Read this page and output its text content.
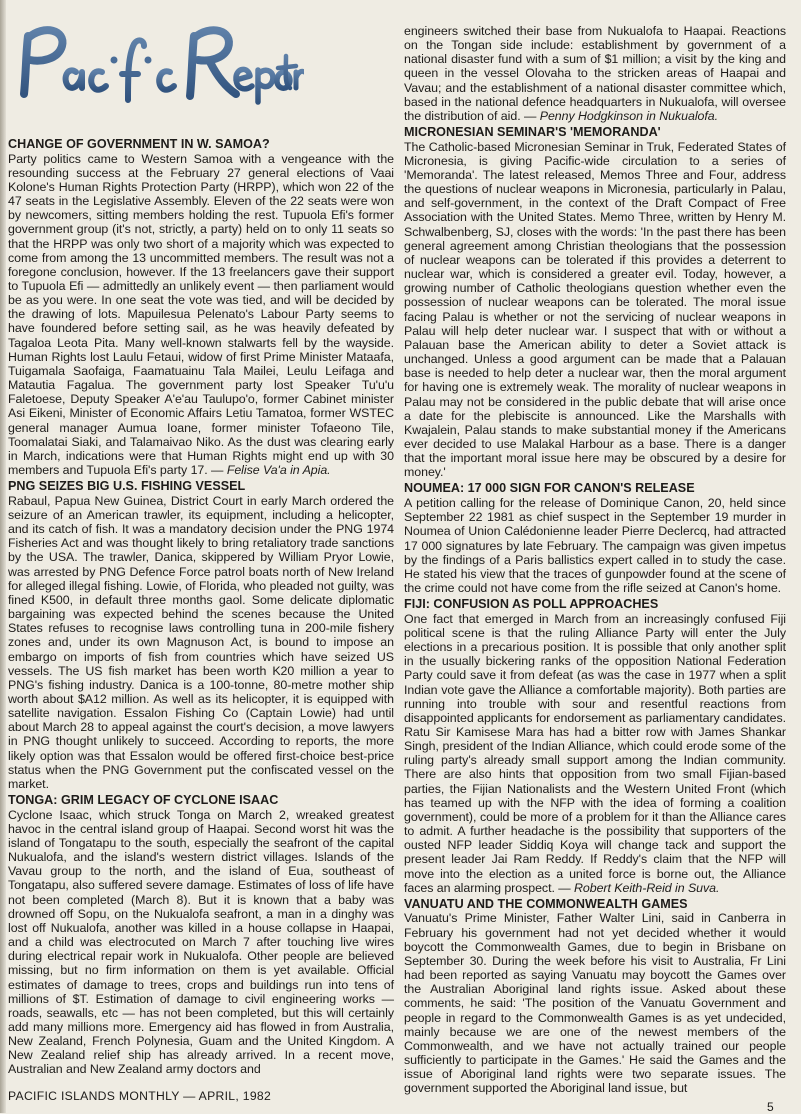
Pacific Report

CHANGE OF GOVERNMENT IN W. SAMOA?

Party politics came to Western Samoa with a vengeance with the resounding success at the February 27 general elections of Vaai Kolone's Human Rights Protection Party (HRPP), which won 22 of the 47 seats in the Legislative Assembly. Eleven of the 22 seats were won by newcomers, sitting members holding the rest. Tupuola Efi's former government group (it's not, strictly, a party) held on to only 11 seats so that the HRPP was only two short of a majority which was expected to come from among the 13 uncommitted members. The result was not a foregone conclusion, however. If the 13 freelancers gave their support to Tupuola Efi — admittedly an unlikely event — then parliament would be as you were. In one seat the vote was tied, and will be decided by the drawing of lots. Mapuilesua Pelenato's Labour Party seems to have foundered before setting sail, as he was heavily defeated by Tagaloa Leota Pita. Many well-known stalwarts fell by the wayside. Human Rights lost Laulu Fetaui, widow of first Prime Minister Mataafa, Tuigamala Saofaiga, Faamatuainu Tala Mailei, Leulu Leifaga and Matautia Fagalua. The government party lost Speaker Tu'u'u Faletoese, Deputy Speaker A'e'au Taulupo'o, former Cabinet minister Asi Eikeni, Minister of Economic Affairs Letiu Tamatoa, former WSTEC general manager Aumua Ioane, former minister Tofaeono Tile, Toomalatai Siaki, and Talamaivao Niko. As the dust was clearing early in March, indications were that Human Rights might end up with 30 members and Tupuola Efi's party 17. — Felise Va'a in Apia.

PNG SEIZES BIG U.S. FISHING VESSEL

Rabaul, Papua New Guinea, District Court in early March ordered the seizure of an American trawler, its equipment, including a helicopter, and its catch of fish. It was a mandatory decision under the PNG 1974 Fisheries Act and was thought likely to bring retaliatory trade sanctions by the USA. The trawler, Danica, skippered by William Pryor Lowie, was arrested by PNG Defence Force patrol boats north of New Ireland for alleged illegal fishing. Lowie, of Florida, who pleaded not guilty, was fined K500, in default three months gaol. Some delicate diplomatic bargaining was expected behind the scenes because the United States refuses to recognise laws controlling tuna in 200-mile fishery zones and, under its own Magnuson Act, is bound to impose an embargo on imports of fish from countries which have seized US vessels. The US fish market has been worth K20 million a year to PNG's fishing industry. Danica is a 100-tonne, 80-metre mother ship worth about $A12 million. As well as its helicopter, it is equipped with satellite navigation. Essalon Fishing Co (Captain Lowie) had until about March 28 to appeal against the court's decision, a move lawyers in PNG thought unlikely to succeed. According to reports, the more likely option was that Essalon would be offered first-choice best-price status when the PNG Government put the confiscated vessel on the market.

TONGA: GRIM LEGACY OF CYCLONE ISAAC

Cyclone Isaac, which struck Tonga on March 2, wreaked greatest havoc in the central island group of Haapai. Second worst hit was the island of Tongatapu to the south, especially the seafront of the capital Nukualofa, and the island's western district villages. Islands of the Vavau group to the north, and the island of Eua, southeast of Tongatapu, also suffered severe damage. Estimates of loss of life have not been completed (March 8). But it is known that a baby was drowned off Sopu, on the Nukualofa seafront, a man in a dinghy was lost off Nukualofa, another was killed in a house collapse in Haapai, and a child was electrocuted on March 7 after touching live wires during electrical repair work in Nukualofa. Other people are believed missing, but no firm information on them is yet available. Official estimates of damage to trees, crops and buildings run into tens of millions of $T. Estimation of damage to civil engineering works — roads, seawalls, etc — has not been completed, but this will certainly add many millions more. Emergency aid has flowed in from Australia, New Zealand, French Polynesia, Guam and the United Kingdom. A New Zealand relief ship has already arrived. In a recent move, Australian and New Zealand army doctors and

engineers switched their base from Nukualofa to Haapai. Reactions on the Tongan side include: establishment by government of a national disaster fund with a sum of $1 million; a visit by the king and queen in the vessel Olovaha to the stricken areas of Haapai and Vavau; and the establishment of a national disaster committee which, based in the national defence headquarters in Nukualofa, will oversee the distribution of aid. — Penny Hodgkinson in Nukualofa.

MICRONESIAN SEMINAR'S 'MEMORANDA'

The Catholic-based Micronesian Seminar in Truk, Federated States of Micronesia, is giving Pacific-wide circulation to a series of 'Memoranda'. The latest released, Memos Three and Four, address the questions of nuclear weapons in Micronesia, particularly in Palau, and self-government, in the context of the Draft Compact of Free Association with the United States. Memo Three, written by Henry M. Schwalbenberg, SJ, closes with the words: 'In the past there has been general agreement among Christian theologians that the possession of nuclear weapons can be tolerated if this provides a deterrent to nuclear war, which is considered a greater evil. Today, however, a growing number of Catholic theologians question whether even the possession of nuclear weapons can be tolerated. The moral issue facing Palau is whether or not the servicing of nuclear weapons in Palau will help deter nuclear war. I suspect that with or without a Palauan base the American ability to deter a Soviet attack is unchanged. Unless a good argument can be made that a Palauan base is needed to help deter a nuclear war, then the moral argument for having one is extremely weak. The morality of nuclear weapons in Palau may not be considered in the public debate that will arise once a date for the plebiscite is announced. Like the Marshalls with Kwajalein, Palau stands to make substantial money if the Americans ever decided to use Malakal Harbour as a base. There is a danger that the important moral issue here may be obscured by a desire for money.'

NOUMEA: 17 000 SIGN FOR CANON'S RELEASE

A petition calling for the release of Dominique Canon, 20, held since September 22 1981 as chief suspect in the September 19 murder in Noumea of Union Calédonienne leader Pierre Declercq, had attracted 17 000 signatures by late February. The campaign was given impetus by the findings of a Paris ballistics expert called in to study the case. He stated his view that the traces of gunpowder found at the scene of the crime could not have come from the rifle seized at Canon's home.

FIJI: CONFUSION AS POLL APPROACHES

One fact that emerged in March from an increasingly confused Fiji political scene is that the ruling Alliance Party will enter the July elections in a precarious position. It is possible that only another split in the usually bickering ranks of the opposition National Federation Party could save it from defeat (as was the case in 1977 when a split Indian vote gave the Alliance a comfortable majority). Both parties are running into trouble with sour and resentful reactions from disappointed applicants for endorsement as parliamentary candidates. Ratu Sir Kamisese Mara has had a bitter row with James Shankar Singh, president of the Indian Alliance, which could erode some of the ruling party's already small support among the Indian community. There are also hints that opposition from two small Fijian-based parties, the Fijian Nationalists and the Western United Front (which has teamed up with the NFP with the idea of forming a coalition government), could be more of a problem for it than the Alliance cares to admit. A further headache is the possibility that supporters of the ousted NFP leader Siddiq Koya will change tack and support the present leader Jai Ram Reddy. If Reddy's claim that the NFP will move into the election as a united force is borne out, the Alliance faces an alarming prospect. — Robert Keith-Reid in Suva.

VANUATU AND THE COMMONWEALTH GAMES

Vanuatu's Prime Minister, Father Walter Lini, said in Canberra in February his government had not yet decided whether it would boycott the Commonwealth Games, due to begin in Brisbane on September 30. During the week before his visit to Australia, Fr Lini had been reported as saying Vanuatu may boycott the Games over the Australian Aboriginal land rights issue. Asked about these comments, he said: 'The position of the Vanuatu Government and people in regard to the Commonwealth Games is as yet undecided, mainly because we are one of the newest members of the Commonwealth, and we have not actually trained our people sufficiently to participate in the Games.' He said the Games and the issue of Aboriginal land rights were two separate issues. The government supported the Aboriginal land issue, but

PACIFIC ISLANDS MONTHLY — APRIL, 1982
5
